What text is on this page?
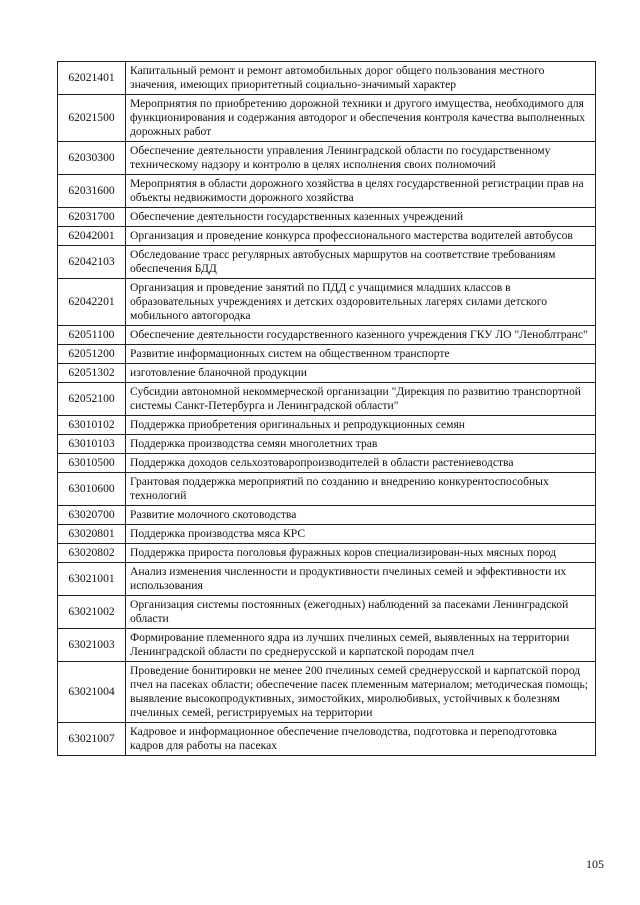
62021401	Капитальный ремонт и ремонт автомобильных дорог общего пользования местного значения, имеющих приоритетный социально-значимый характер
62021500	Мероприятия по приобретению дорожной техники и другого имущества, необходимого для функционирования и содержания автодорог и обеспечения контроля качества выполненных дорожных работ
62030300	Обеспечение деятельности управления Ленинградской области по государственному техническому надзору и контролю в целях исполнения своих полномочий
62031600	Мероприятия в области дорожного хозяйства в целях государственной регистрации прав на объекты недвижимости дорожного хозяйства
62031700	Обеспечение деятельности государственных казенных учреждений
62042001	Организация и проведение конкурса профессионального мастерства водителей автобусов
62042103	Обследование трасс регулярных автобусных маршрутов на соответствие требованиям обеспечения БДД
62042201	Организация и проведение занятий по ПДД с учащимися младших классов в образовательных учреждениях и детских оздоровительных лагерях силами детского мобильного автогородка
62051100	Обеспечение деятельности государственного казенного учреждения ГКУ ЛО "Леноблтранс"
62051200	Развитие информационных систем на общественном транспорте
62051302	изготовление бланочной продукции
62052100	Субсидии автономной некоммерческой организации "Дирекция по развитию транспортной системы Санкт-Петербурга и Ленинградской области"
63010102	Поддержка приобретения оригинальных и репродукционных семян
63010103	Поддержка производства семян многолетних трав
63010500	Поддержка доходов сельхозтоваропроизводителей в области растениеводства
63010600	Грантовая поддержка мероприятий по созданию и внедрению конкурентоспособных технологий
63020700	Развитие молочного скотоводства
63020801	Поддержка производства мяса КРС
63020802	Поддержка прироста поголовья фуражных коров специализирован-ных мясных пород
63021001	Анализ изменения численности и продуктивности пчелиных семей и эффективности их использования
63021002	Организация системы постоянных (ежегодных) наблюдений за пасеками Ленинградской области
63021003	Формирование племенного ядра из лучших пчелиных семей, выявленных на территории Ленинградской области по среднерусской и карпатской породам пчел
63021004	Проведение бонитировки не менее 200 пчелиных семей среднерусской и карпатской пород пчел на пасеках области; обеспечение пасек племенным материалом; методическая помощь; выявление высокопродуктивных, зимостойких, миролюбивых, устойчивых к болезням пчелиных семей, регистрируемых на территории
63021007	Кадровое и информационное обеспечение пчеловодства, подготовка и переподготовка кадров для работы на пасеках
105
